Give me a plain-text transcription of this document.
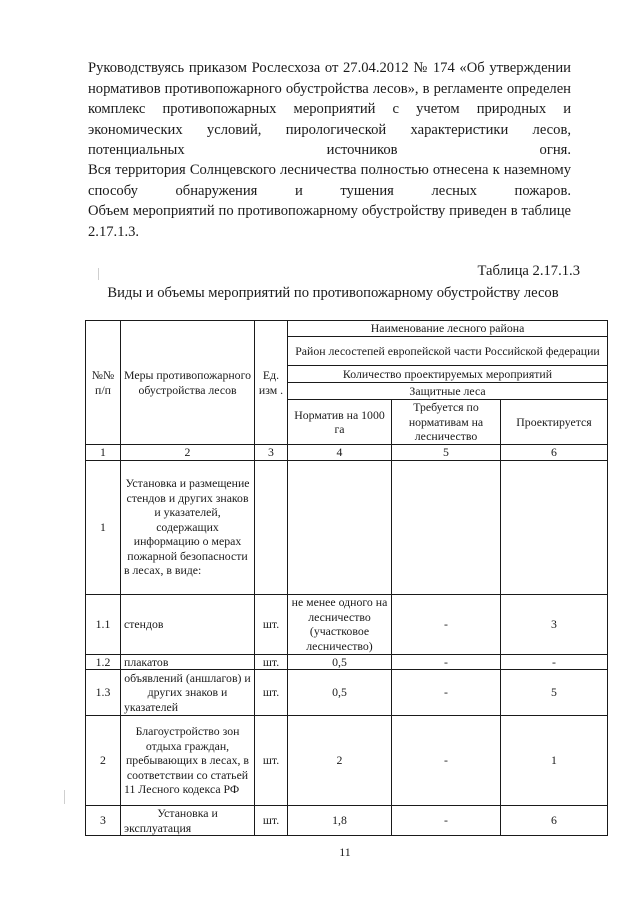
Руководствуясь приказом Рослесхоза от 27.04.2012 № 174 «Об утверждении нормативов противопожарного обустройства лесов», в регламенте определен комплекс противопожарных мероприятий с учетом природных и экономических условий, пирологической характеристики лесов, потенциальных источников огня.

Вся территория Солнцевского лесничества полностью отнесена к наземному способу обнаружения и тушения лесных пожаров.

Объем мероприятий по противопожарному обустройству приведен в таблице 2.17.1.3.

Таблица 2.17.1.3
Виды и объемы мероприятий по противопожарному обустройству лесов
№№ п/п	Меры противопожарного обустройства лесов	Ед. изм .	Наименование лесного района		
			Район лесостепей европейской части Российской федерации		
			Количество проектируемых мероприятий		
			Защитные леса		
			Норматив на 1000 га	Требуется по нормативам на лесничество	Проектируется
1	2	3	4	5	6
1	Установка и размещение стендов и других знаков и указателей, содержащих информацию о мерах пожарной безопасности в лесах, в виде:				
1.1	стендов	шт.	не менее одного на лесничество (участковое лесничество)	-	3
1.2	плакатов	шт.	0,5	-	-
1.3	объявлений (аншлагов) и других знаков и указателей	шт.	0,5	-	5
2	Благоустройство зон отдыха граждан, пребывающих в лесах, в соответствии со статьей 11 Лесного кодекса РФ	шт.	2	-	1
3	Установка и эксплуатация	шт.	1,8	-	6
11
